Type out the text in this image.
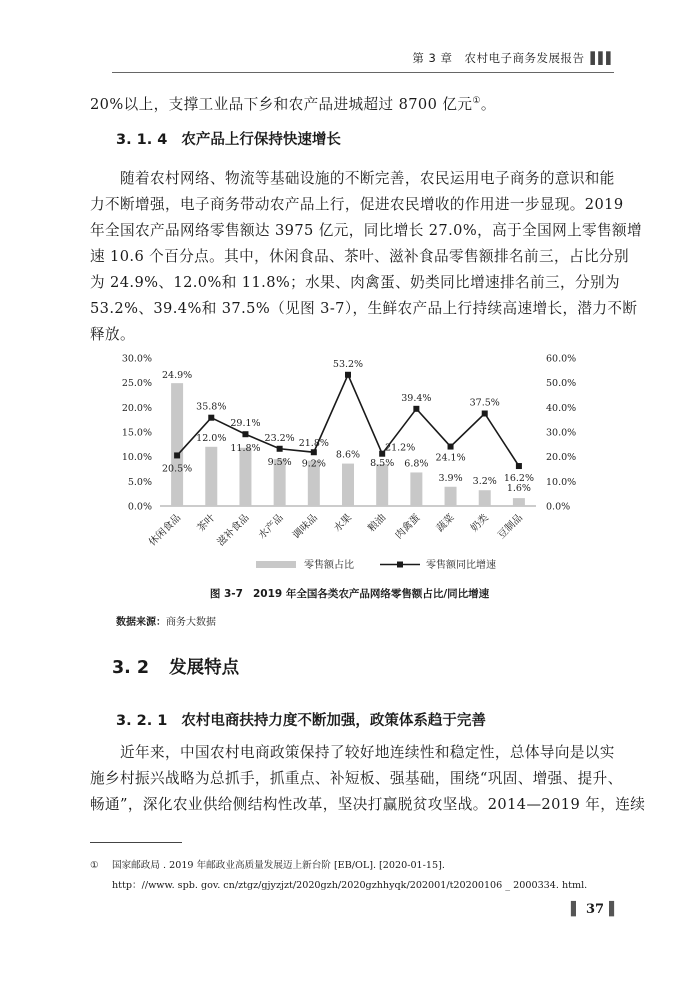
第 3 章　农村电子商务发展报告 ▌▌▌
20%以上，支撑工业品下乡和农产品进城超过 8700 亿元①。
3. 1. 4 农产品上行保持快速增长
随着农村网络、物流等基础设施的不断完善，农民运用电子商务的意识和能
力不断增强，电子商务带动农产品上行，促进农民增收的作用进一步显现。2019
年全国农产品网络零售额达 3975 亿元，同比增长 27.0%，高于全国网上零售额增
速 10.6 个百分点。其中，休闲食品、茶叶、滋补食品零售额排名前三，占比分别
为 24.9%、12.0%和 11.8%；水果、肉禽蛋、奶类同比增速排名前三，分别为
53.2%、39.4%和 37.5%（见图 3-7），生鲜农产品上行持续高速增长，潜力不断
释放。
0.0%
5.0%
10.0%
15.0%
20.0%
25.0%
30.0%
0.0%
10.0%
20.0%
30.0%
40.0%
50.0%
60.0%
24.9%
12.0%
11.8%
9.5% 9.2%
8.6%
8.5% 6.8%
3.9% 3.2%
1.6%
20.5%
35.8%
29.1%
23.2% 21.8%
53.2%
21.2%
39.4%
24.1%
37.5%
16.2%
休闲食品 茶叶
滋补食品 水产品 调味品 水果 粮油 肉禽蛋 蔬菜 奶类 豆制品
零售额占比	零售额同比增速
图 3-7 2019 年全国各类农产品网络零售额占比/同比增速
数据来源：商务大数据
3. 2 发展特点
3. 2. 1 农村电商扶持力度不断加强，政策体系趋于完善
近年来，中国农村电商政策保持了较好地连续性和稳定性，总体导向是以实
施乡村振兴战略为总抓手，抓重点、补短板、强基础，围绕“巩固、增强、提升、
畅通”，深化农业供给侧结构性改革，坚决打赢脱贫攻坚战。2014—2019 年，连续
① 国家邮政局 . 2019 年邮政业高质量发展迈上新台阶 [EB/OL]. [2020-01-15].
http：//www. spb. gov. cn/ztgz/gjyzjzt/2020gzh/2020gzhhyqk/202001/t20200106 _ 2000334. html.
▌ 37 ▌
